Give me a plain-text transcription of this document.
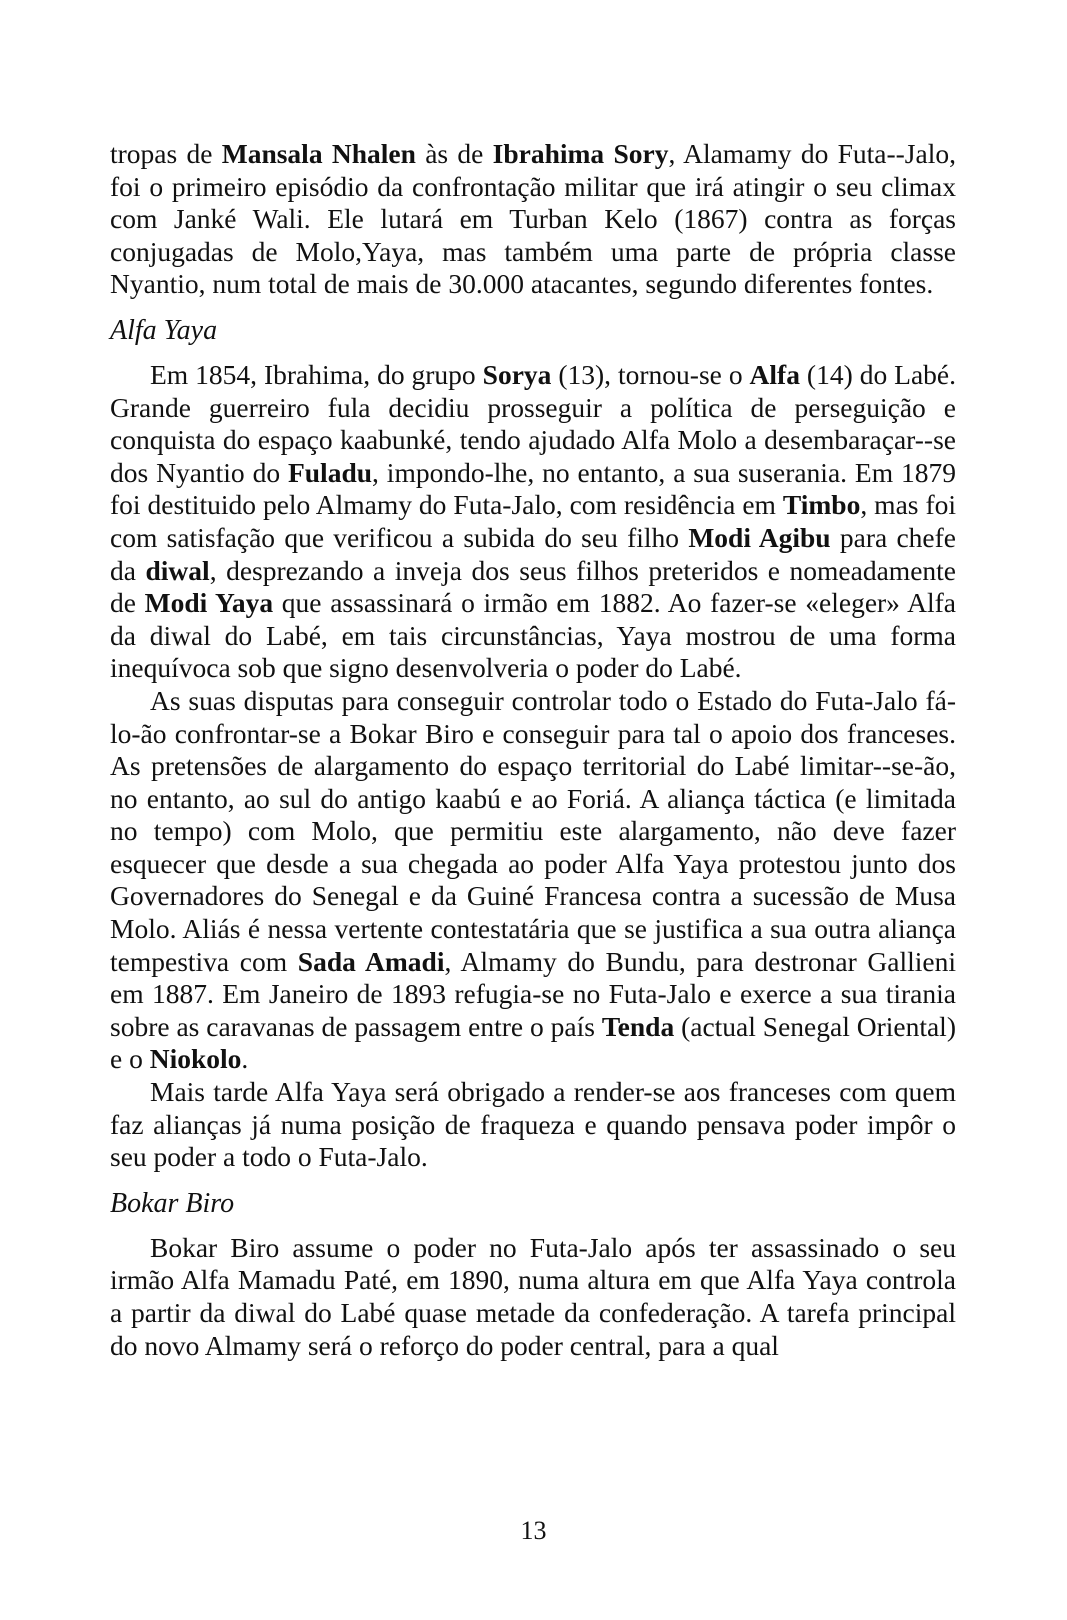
tropas de Mansala Nhalen às de Ibrahima Sory, Alamamy do Futa--Jalo, foi o primeiro episódio da confrontação militar que irá atingir o seu climax com Janké Wali. Ele lutará em Turban Kelo (1867) contra as forças conjugadas de Molo,Yaya, mas também uma parte de própria classe Nyantio, num total de mais de 30.000 atacantes, segundo diferentes fontes.

Alfa Yaya

Em 1854, Ibrahima, do grupo Sorya (13), tornou-se o Alfa (14) do Labé. Grande guerreiro fula decidiu prosseguir a política de perseguição e conquista do espaço kaabunké, tendo ajudado Alfa Molo a desembaraçar--se dos Nyantio do Fuladu, impondo-lhe, no entanto, a sua suserania. Em 1879 foi destituido pelo Almamy do Futa-Jalo, com residência em Timbo, mas foi com satisfação que verificou a subida do seu filho Modi Agibu para chefe da diwal, desprezando a inveja dos seus filhos preteridos e nomeadamente de Modi Yaya que assassinará o irmão em 1882. Ao fazer-se «eleger» Alfa da diwal do Labé, em tais circunstâncias, Yaya mostrou de uma forma inequívoca sob que signo desenvolveria o poder do Labé.

As suas disputas para conseguir controlar todo o Estado do Futa-Jalo fá-lo-ão confrontar-se a Bokar Biro e conseguir para tal o apoio dos franceses. As pretensões de alargamento do espaço territorial do Labé limitar--se-ão, no entanto, ao sul do antigo kaabú e ao Foriá. A aliança táctica (e limitada no tempo) com Molo, que permitiu este alargamento, não deve fazer esquecer que desde a sua chegada ao poder Alfa Yaya protestou junto dos Governadores do Senegal e da Guiné Francesa contra a sucessão de Musa Molo. Aliás é nessa vertente contestatária que se justifica a sua outra aliança tempestiva com Sada Amadi, Almamy do Bundu, para destronar Gallieni em 1887. Em Janeiro de 1893 refugia-se no Futa-Jalo e exerce a sua tirania sobre as caravanas de passagem entre o país Tenda (actual Senegal Oriental) e o Niokolo.

Mais tarde Alfa Yaya será obrigado a render-se aos franceses com quem faz alianças já numa posição de fraqueza e quando pensava poder impôr o seu poder a todo o Futa-Jalo.

Bokar Biro

Bokar Biro assume o poder no Futa-Jalo após ter assassinado o seu irmão Alfa Mamadu Paté, em 1890, numa altura em que Alfa Yaya controla a partir da diwal do Labé quase metade da confederação. A tarefa principal do novo Almamy será o reforço do poder central, para a qual

13
